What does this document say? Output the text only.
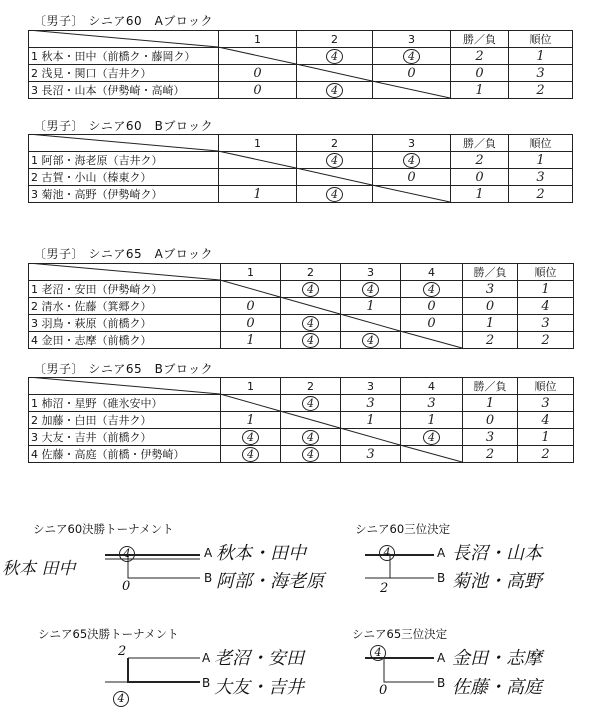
〔男子〕 シニア60　Aブロック
	1	2	3	勝／負	順位
1 秋本・田中（前橋ク・藤岡ク）		4	4	2	1
2 浅見・関口（吉井ク）	0		0	0	3
3 長沼・山本（伊勢崎・高崎）	0	4		1	2
〔男子〕 シニア60　Bブロック
	1	2	3	勝／負	順位
1 阿部・海老原（吉井ク）		4	4	2	1
2 古賀・小山（榛東ク）			0	0	3
3 菊池・高野（伊勢崎ク）	1	4		1	2
〔男子〕 シニア65　Aブロック
	1	2	3	4	勝／負	順位
1 老沼・安田（伊勢崎ク）		4	4	4	3	1
2 清水・佐藤（箕郷ク）	0		1	0	0	4
3 羽鳥・萩原（前橋ク）	0	4		0	1	3
4 金田・志摩（前橋ク）	1	4	4		2	2
〔男子〕 シニア65　Bブロック
	1	2	3	4	勝／負	順位
1 柿沼・星野（碓氷安中）		4	3	3	1	3
2 加藤・白田（吉井ク）	1		1	1	0	4
3 大友・吉井（前橋ク）	4	4		4	3	1
4 佐藤・高庭（前橋・伊勢崎）	4	4	3		2	2
シニア60決勝トーナメント
秋本 田中
4
0
A
B
秋本・田中
阿部・海老原
シニア60三位決定
4
2
A
B
長沼・山本
菊池・高野
シニア65決勝トーナメント
2
4
A
B
老沼・安田
大友・吉井
シニア65三位決定
4
0
A
B
金田・志摩
佐藤・高庭
